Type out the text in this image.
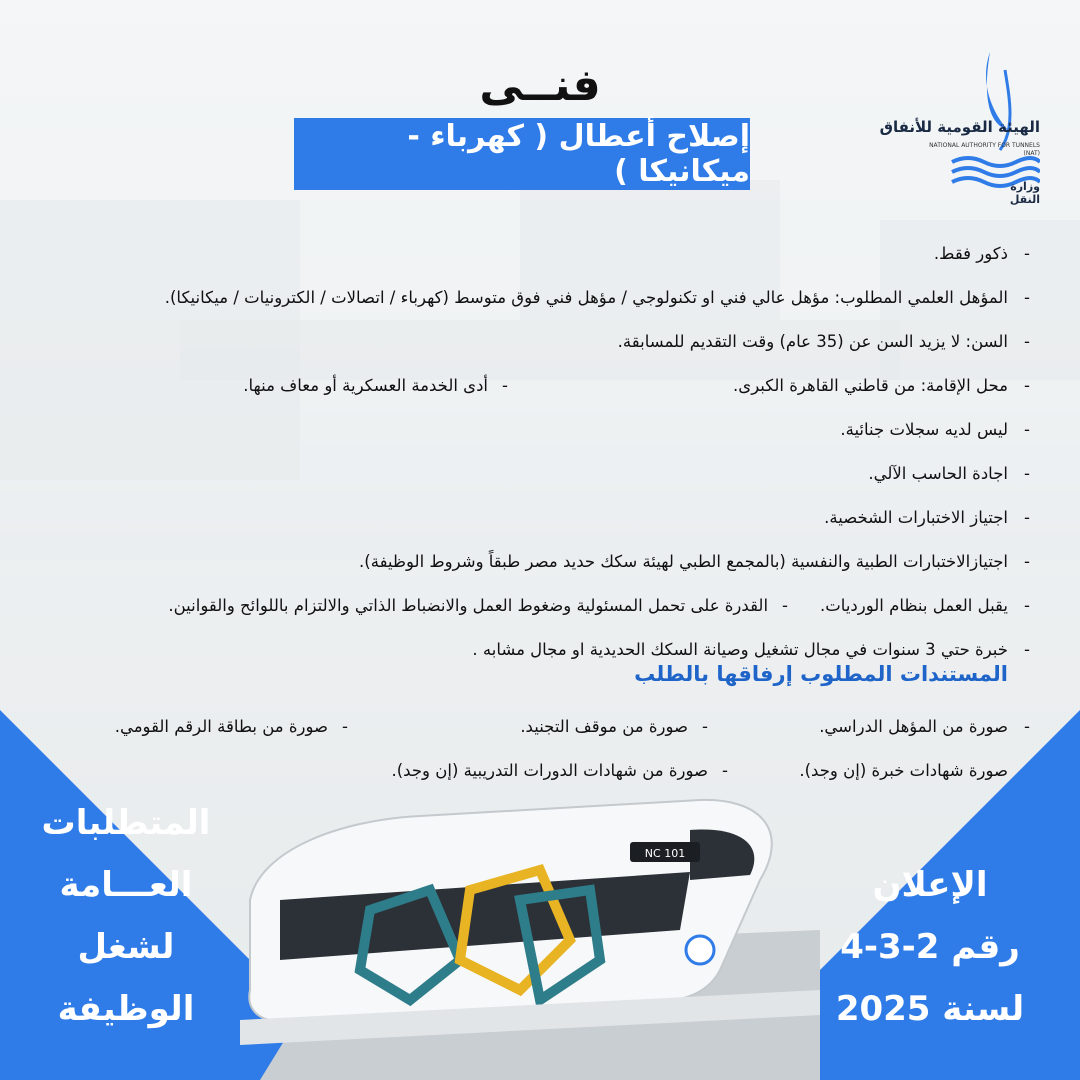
فنــى
إصلاح أعطال ( كهرباء - ميكانيكا )
الهيئة القومية للأنفاق
NATIONAL AUTHORITY FOR TUNNELS
(NAT)
وزارة النقل
-
ذكور فقط.
-
المؤهل العلمي المطلوب: مؤهل عالي فني او تكنولوجي / مؤهل فني فوق متوسط (كهرباء / اتصالات / الكترونيات / ميكانيكا).
-
السن: لا يزيد السن عن (35 عام) وقت التقديم للمسابقة.
-
محل الإقامة: من قاطني القاهرة الكبرى.
-أدى الخدمة العسكرية أو معاف منها.
-
ليس لديه سجلات جنائية.
-
اجادة الحاسب الآلي.
-
اجتياز الاختبارات الشخصية.
-
اجتيازالاختبارات الطبية والنفسية (بالمجمع الطبي لهيئة سكك حديد مصر طبقاً وشروط الوظيفة).
-
يقبل العمل بنظام الورديات.
-القدرة على تحمل المسئولية وضغوط العمل والانضباط الذاتي والالتزام باللوائح والقوانين.
-
خبرة حتي 3 سنوات في مجال تشغيل وصيانة السكك الحديدية او مجال مشابه .
المستندات المطلوب إرفاقها بالطلب
-
صورة من المؤهل الدراسي.
-صورة من موقف التجنيد.
-صورة من بطاقة الرقم القومي.
-
صورة شهادات خبرة (إن وجد).
-صورة من شهادات الدورات التدريبية (إن وجد).
NC 101
المتطلبات
العـــامة
لشغل الوظيفة
الإعلان
رقم 2-3-4
لسنة 2025
